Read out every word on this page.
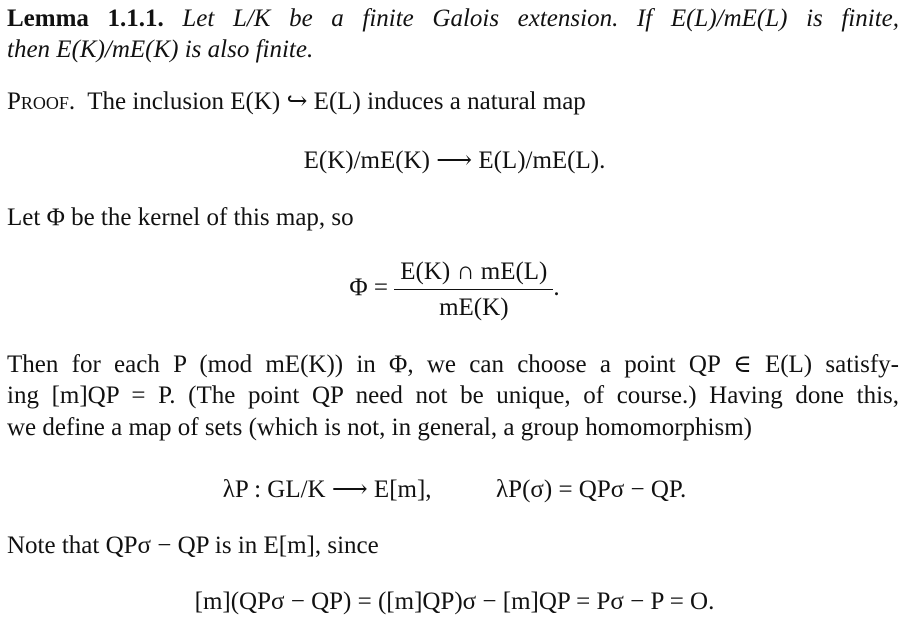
Lemma 1.1.1. Let L/K be a finite Galois extension. If E(L)/mE(L) is finite,
then E(K)/mE(K) is also finite.
Proof. The inclusion E(K) ↪ E(L) induces a natural map
E(K)/mE(K) ⟶ E(L)/mE(L).
Let Φ be the kernel of this map, so
$\Phi = \frac{E(K) \cap mE(L)}{mE(K)}$ .
Then for each P (mod mE(K)) in Φ, we can choose a point QP ∈ E(L) satisfy-
ing [m]QP = P. (The point QP need not be unique, of course.) Having done this,
we define a map of sets (which is not, in general, a group homomorphism)
λP : GL/K ⟶ E[m],	λP(σ) = QPσ − QP.
Note that QPσ − QP is in E[m], since
[m](QPσ − QP) = ([m]QP)σ − [m]QP = Pσ − P = O.
